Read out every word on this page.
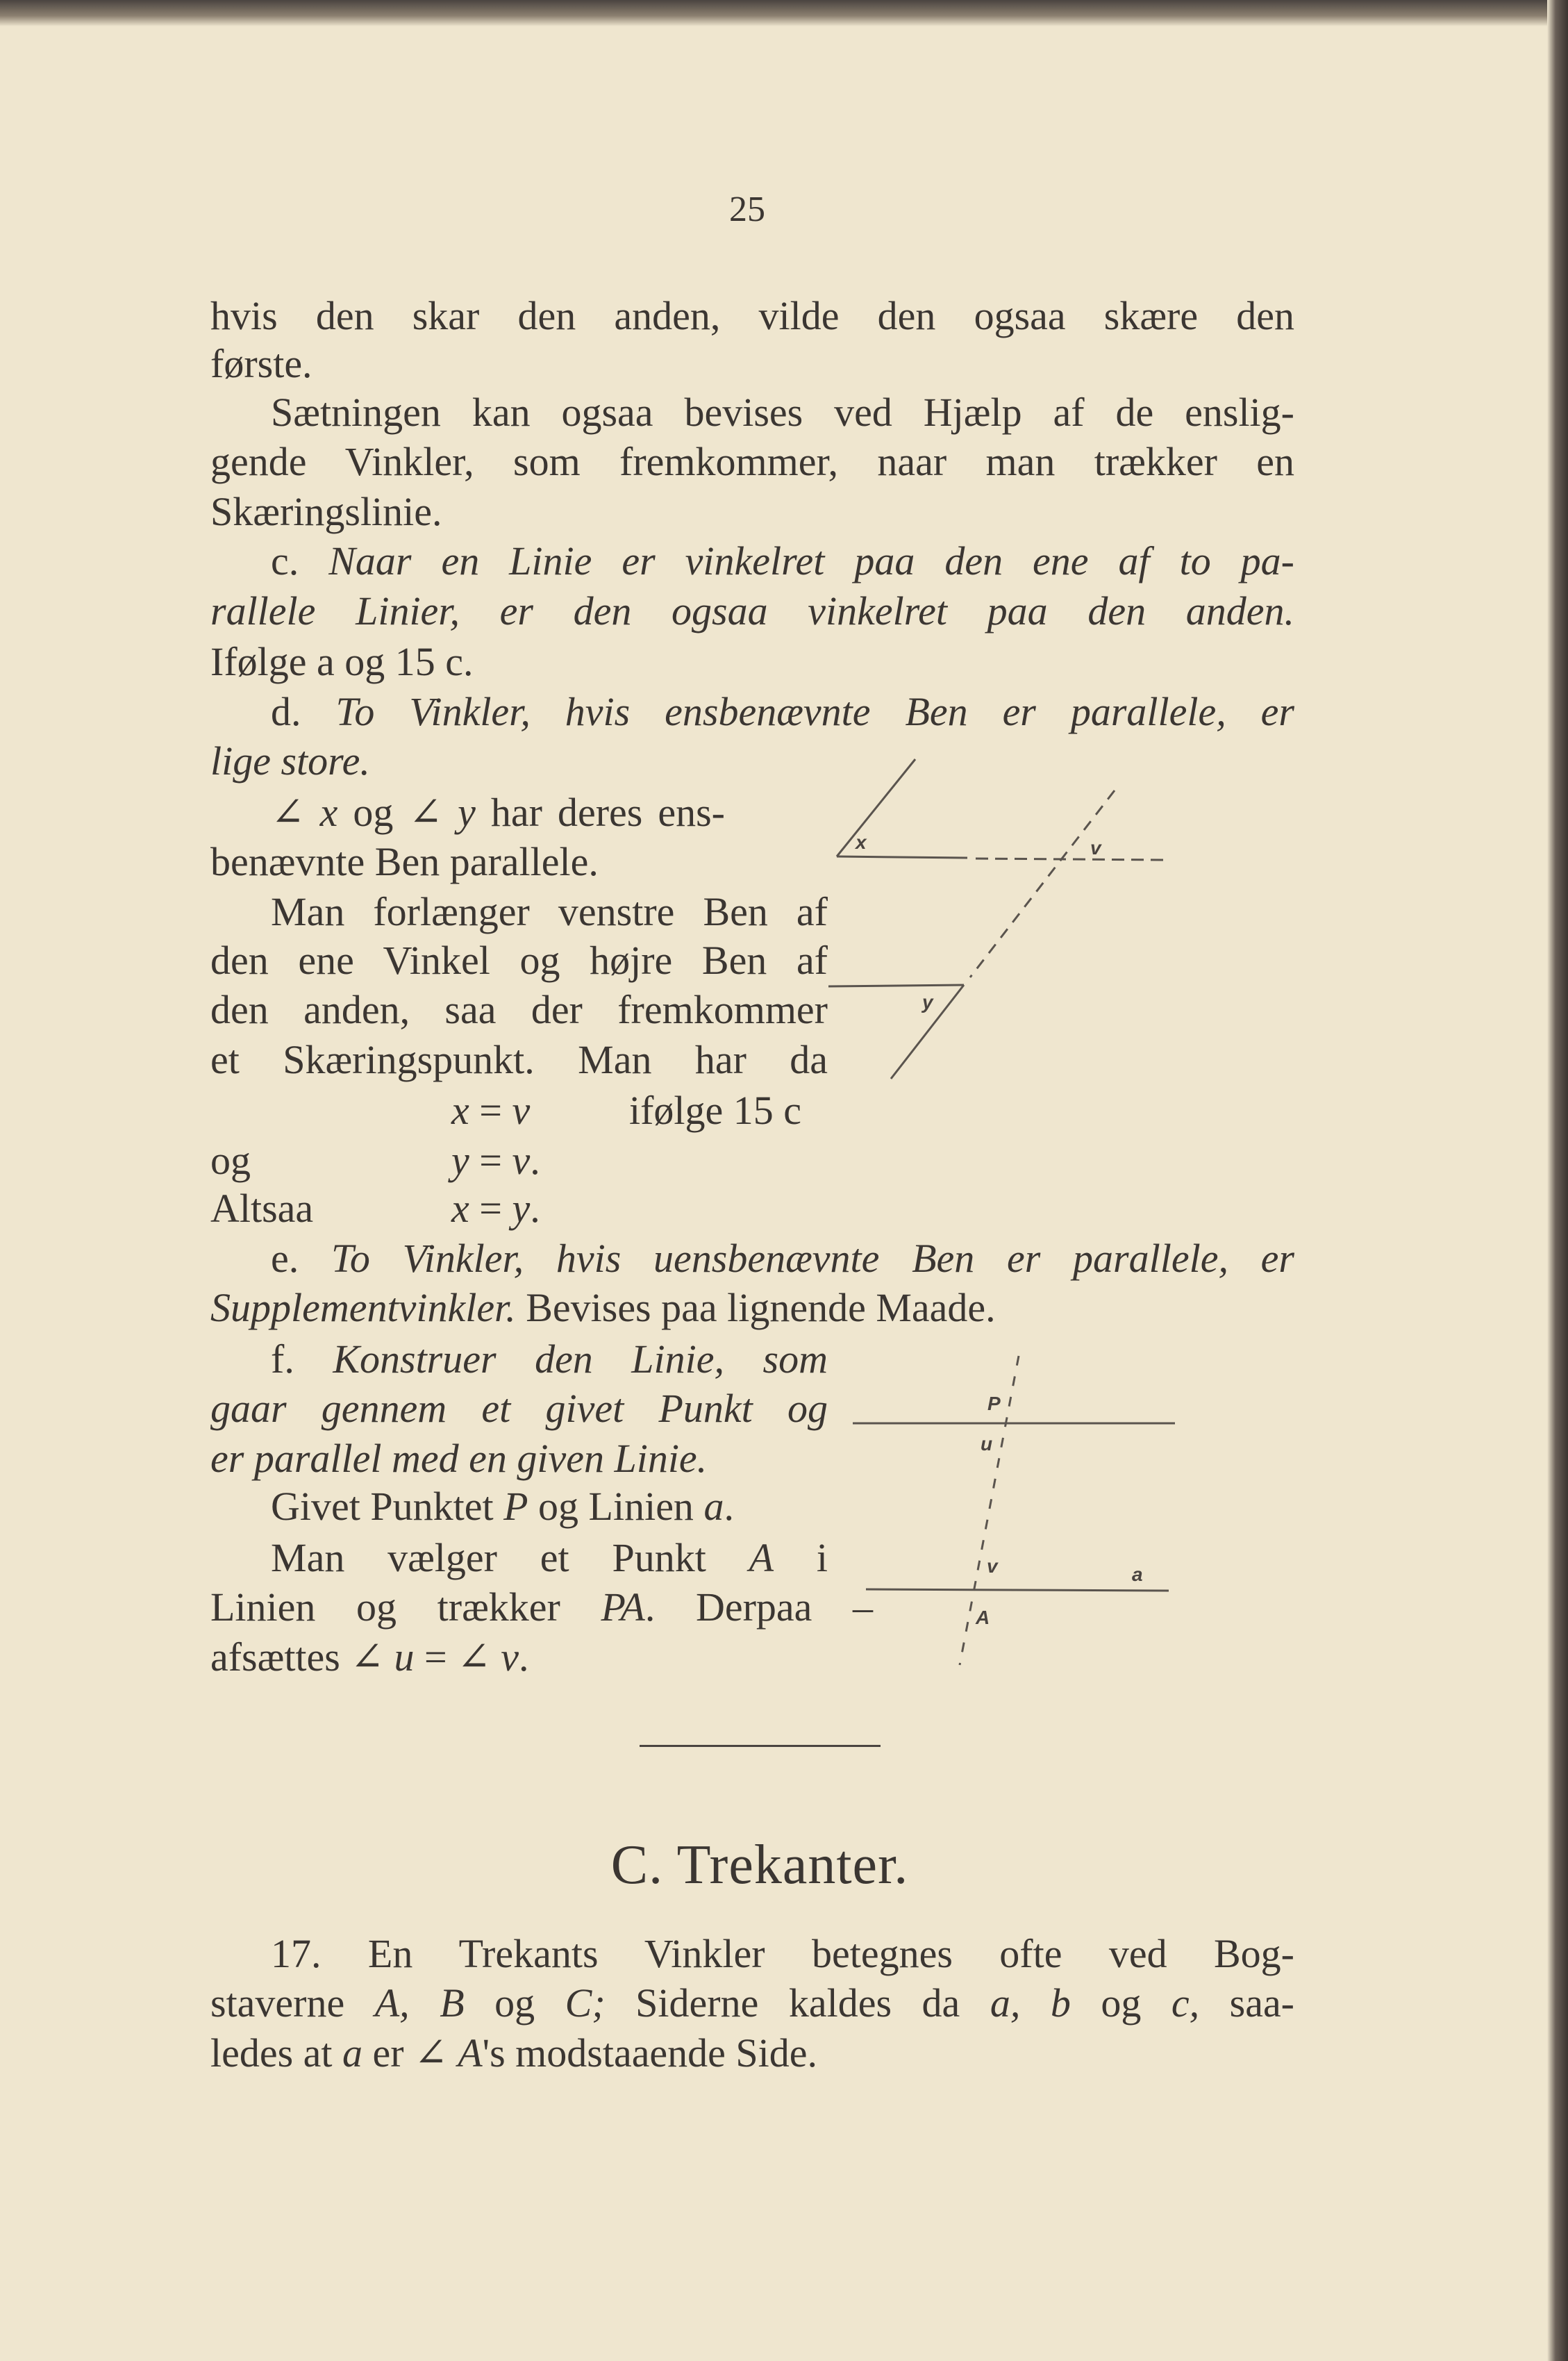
25
hvis den skar den anden, vilde den ogsaa skære den
første.
Sætningen kan ogsaa bevises ved Hjælp af de enslig-
gende Vinkler, som fremkommer, naar man trækker en
Skæringslinie.
c. Naar en Linie er vinkelret paa den ene af to pa-
rallele Linier, er den ogsaa vinkelret paa den anden.
Ifølge a og 15 c.
d. To Vinkler, hvis ensbenævnte Ben er parallele, er
lige store.
∠ x og ∠ y har deres ens-
benævnte Ben parallele.
Man forlænger venstre Ben af
den ene Vinkel og højre Ben af
den anden, saa der fremkommer
et Skæringspunkt. Man har da
x = v ifølge 15 c
og	y = v.
Altsaa	x = y.
e. To Vinkler, hvis uensbenævnte Ben er parallele, er
Supplementvinkler. Bevises paa lignende Maade.
f. Konstruer den Linie, som
gaar gennem et givet Punkt og
er parallel med en given Linie.
Givet Punktet P og Linien a.
Man vælger et Punkt A i
Linien og trækker PA. Derpaa –
afsættes ∠ u = ∠ v.
17. En Trekants Vinkler betegnes ofte ved Bog-
staverne A, B og C; Siderne kaldes da a, b og c, saa-
ledes at a er ∠ A's modstaaende Side.
x	v
y
P
u
v	a
A
C. Trekanter.
